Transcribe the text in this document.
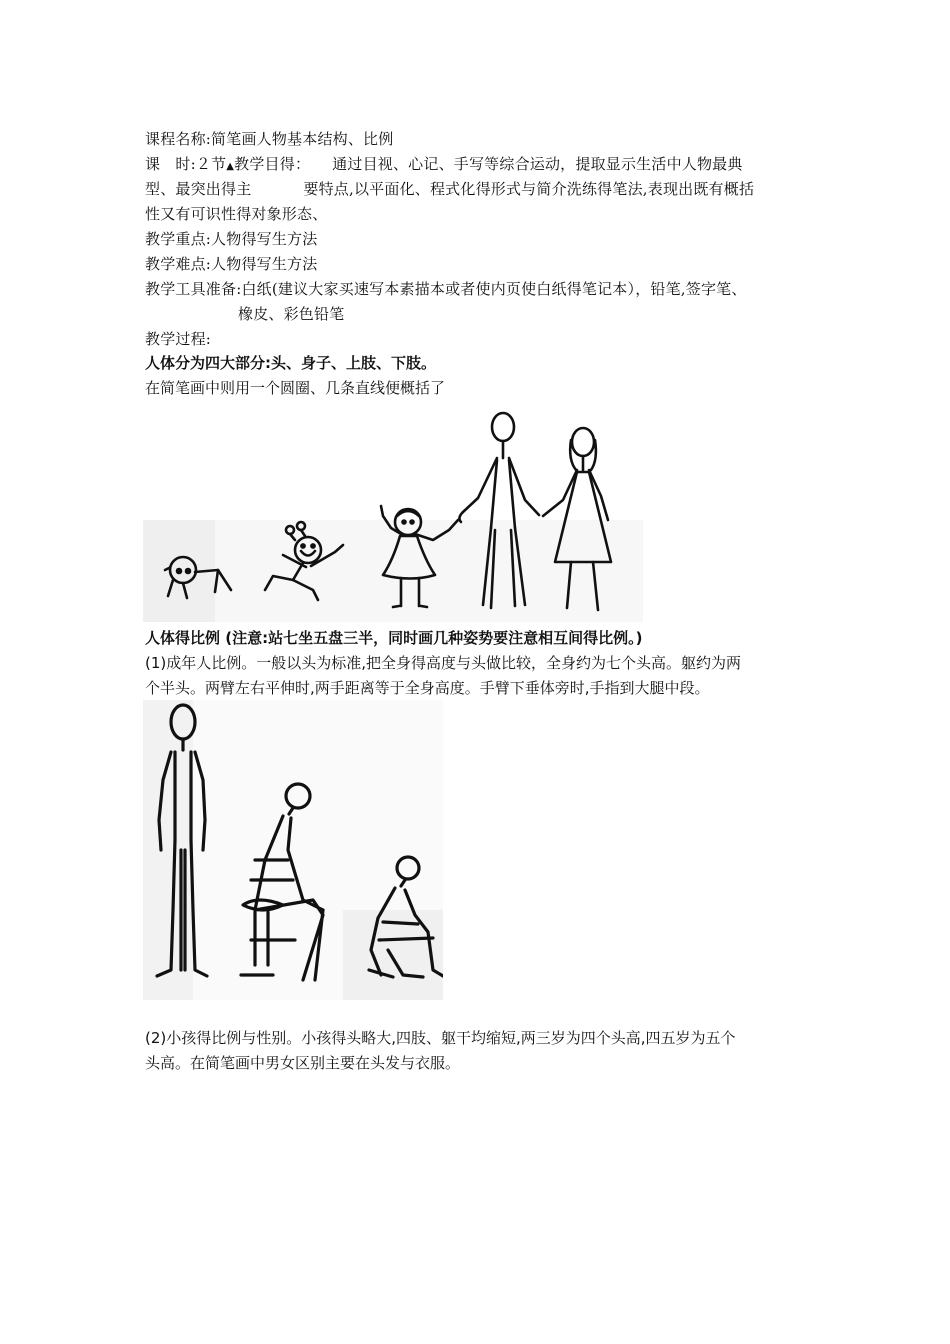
课程名称:简笔画人物基本结构、比例
课　时:２节▲教学目得： 通过目视、心记、手写等综合运动，提取显示生活中人物最典
型、最突出得主	要特点,以平面化、程式化得形式与简介洗练得笔法,表现出既有概括
性又有可识性得对象形态、
教学重点:人物得写生方法
教学难点:人物得写生方法
教学工具准备:白纸(建议大家买速写本素描本或者使内页使白纸得笔记本），铅笔,签字笔、
橡皮、彩色铅笔
教学过程:
人体分为四大部分:头、身子、上肢、下肢。
在简笔画中则用一个圆圈、几条直线便概括了
人体得比例 (注意:站七坐五盘三半，同时画几种姿势要注意相互间得比例。)
(1)成年人比例。一般以头为标准,把全身得高度与头做比较，全身约为七个头高。躯约为两
个半头。两臂左右平伸时,两手距离等于全身高度。手臂下垂体旁时,手指到大腿中段。
(2)小孩得比例与性别。小孩得头略大,四肢、躯干均缩短,两三岁为四个头高,四五岁为五个
头高。在简笔画中男女区别主要在头发与衣服。
